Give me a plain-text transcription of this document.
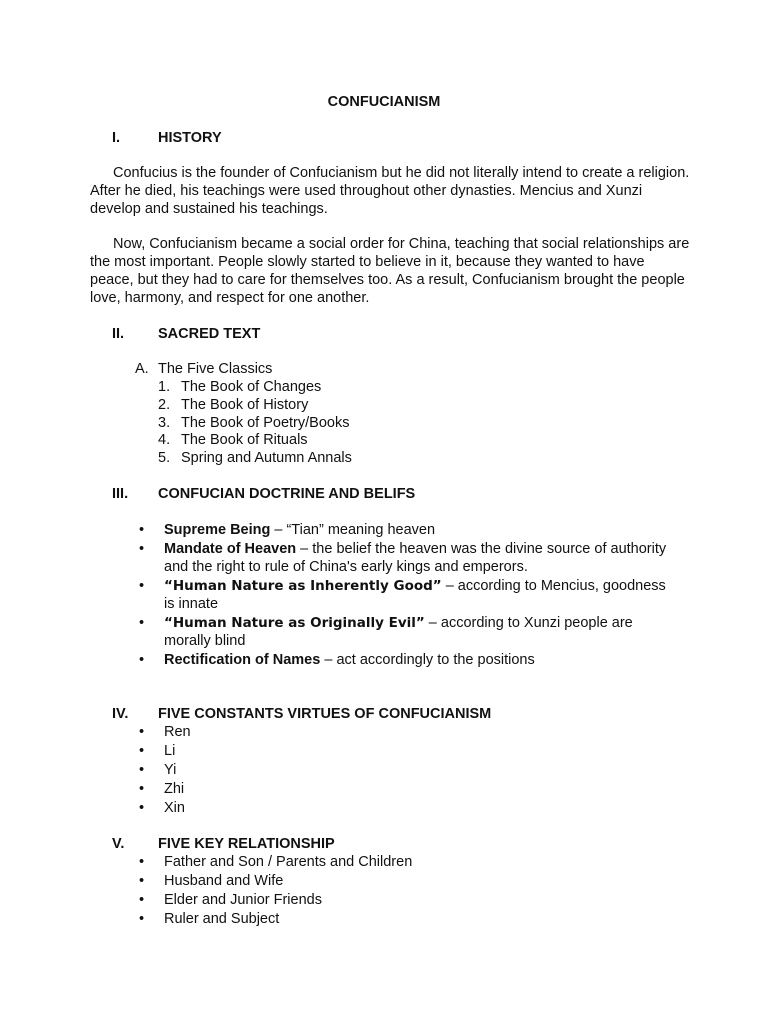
CONFUCIANISM
I.	HISTORY

Confucius is the founder of Confucianism but he did not literally intend to create a religion. After he died, his teachings were used throughout other dynasties. Mencius and Xunzi develop and sustained his teachings.

Now, Confucianism became a social order for China, teaching that social relationships are the most important. People slowly started to believe in it, because they wanted to have peace, but they had to care for themselves too. As a result, Confucianism brought the people love, harmony, and respect for one another.

II. SACRED TEXT
A. The Five Classics
1. The Book of Changes
2. The Book of History
3. The Book of Poetry/Books
4. The Book of Rituals
5. Spring and Autumn Annals
III. CONFUCIAN DOCTRINE AND BELIFS
• Supreme Being – “Tian” meaning heaven
• Mandate of Heaven – the belief the heaven was the divine source of authority and the right to rule of China's early kings and emperors.
• “Human Nature as Inherently Good” – according to Mencius, goodness is innate
• “Human Nature as Originally Evil” – according to Xunzi people are morally blind
• Rectification of Names – act accordingly to the positions
IV. FIVE CONSTANTS VIRTUES OF CONFUCIANISM
• Ren
• Li
• Yi
• Zhi
• Xin
V. FIVE KEY RELATIONSHIP
• Father and Son / Parents and Children
• Husband and Wife
• Elder and Junior Friends
• Ruler and Subject
